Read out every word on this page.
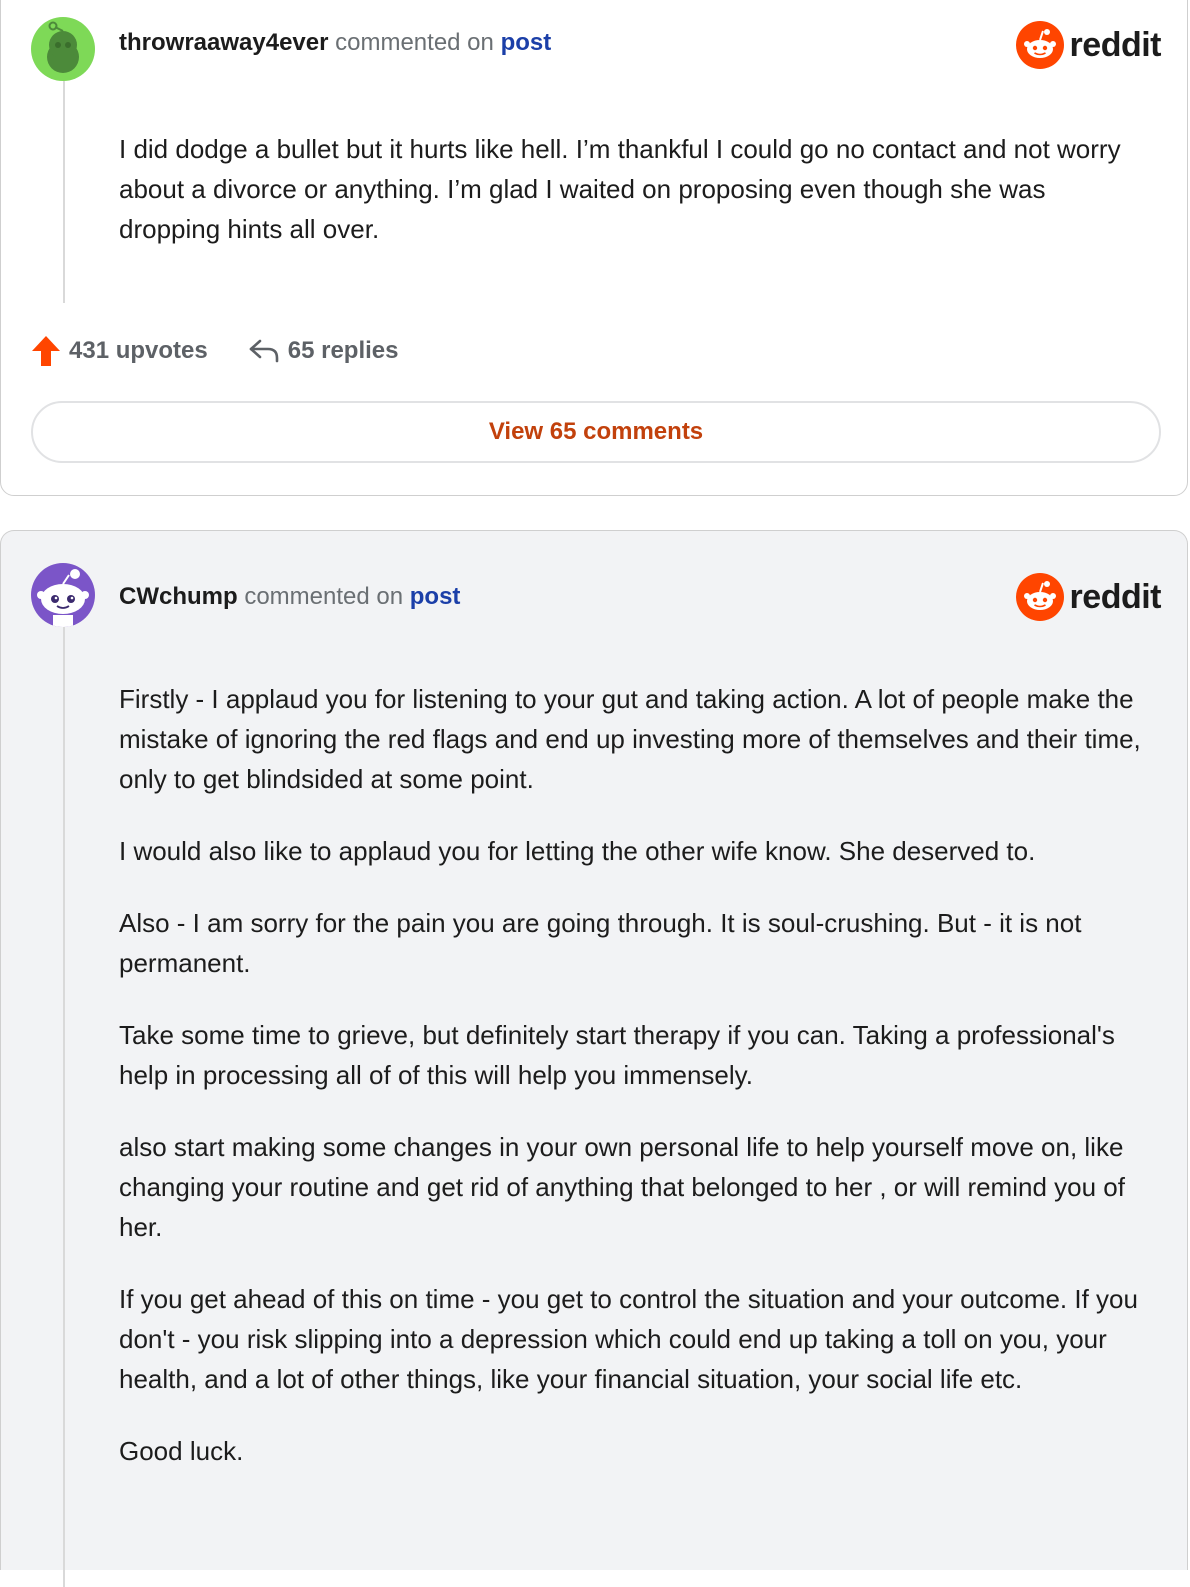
throwraaway4ever commented on post	reddit

I did dodge a bullet but it hurts like hell. I’m thankful I could go no contact and not worry about a divorce or anything. I’m glad I waited on proposing even though she was dropping hints all over.

431 upvotes	65 replies
View 65 comments
CWchump commented on post	reddit

Firstly - I applaud you for listening to your gut and taking action. A lot of people make the mistake of ignoring the red flags and end up investing more of themselves and their time, only to get blindsided at some point.

I would also like to applaud you for letting the other wife know. She deserved to.

Also - I am sorry for the pain you are going through. It is soul-crushing. But - it is not permanent.

Take some time to grieve, but definitely start therapy if you can. Taking a professional's help in processing all of of this will help you immensely.

also start making some changes in your own personal life to help yourself move on, like changing your routine and get rid of anything that belonged to her , or will remind you of her.

If you get ahead of this on time - you get to control the situation and your outcome. If you don't - you risk slipping into a depression which could end up taking a toll on you, your health, and a lot of other things, like your financial situation, your social life etc.

Good luck.
